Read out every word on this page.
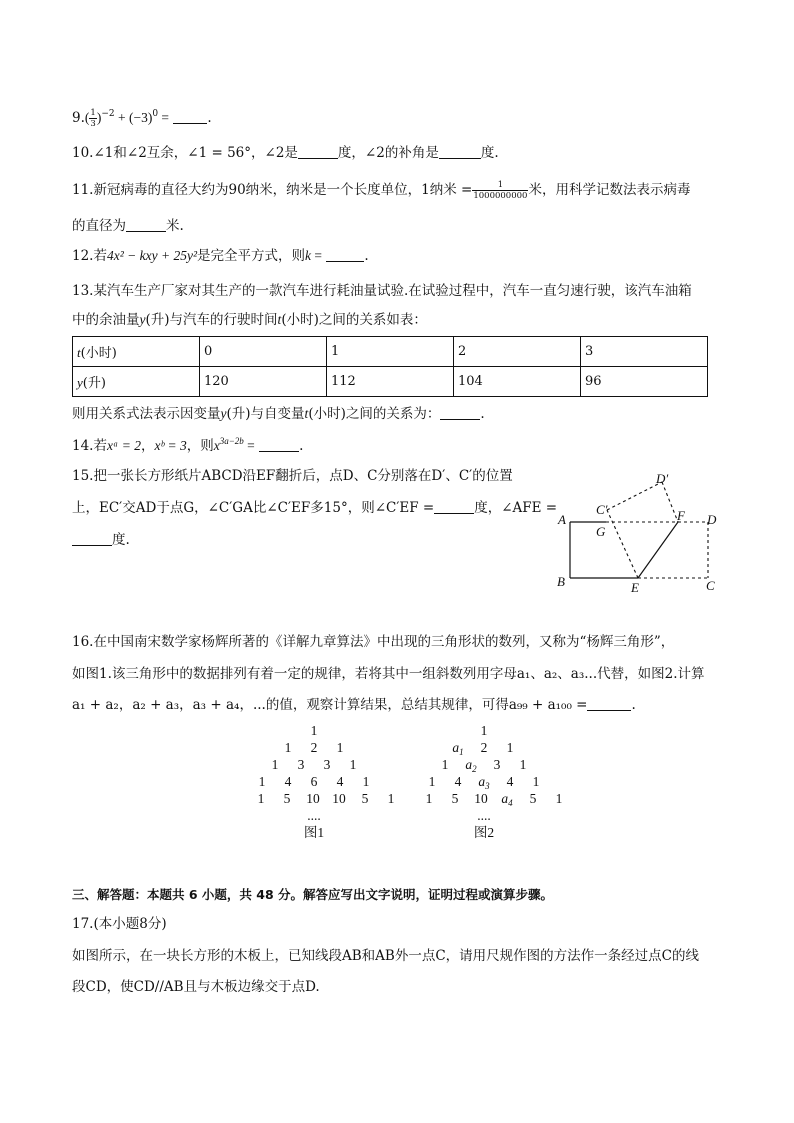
$9.( \frac{1}{3} )^{-2} + (-3)^0$ =	.
10.∠1和∠2互余，∠1 = 56°，∠2是	度，∠2的补角是	度.
11.新冠病毒的直径大约为90纳米，纳米是一个长度单位，1纳米 = $\frac{1}{1000000000}$ 米，用科学记数法表示病毒
的直径为	米.
12.若4x² − kxy + 25y²是完全平方式，则k =	.
13.某汽车生产厂家对其生产的一款汽车进行耗油量试验.在试验过程中，汽车一直匀速行驶，该汽车油箱
中的余油量y(升)与汽车的行驶时间t(小时)之间的关系如表：
t(小时)	0	1	2	3
y(升)	120	112	104	96
则用关系式法表示因变量y(升)与自变量t(小时)之间的关系为：	.
14.若xᵃ = 2，xᵇ = 3，则$x^{3a-2b}$ =	.
15.把一张长方形纸片ABCD沿EF翻折后，点D、C分别落在D′、C′的位置
上，EC′交AD于点G，∠C′GA比∠C′EF多15°，则∠C′EF =	度，∠AFE =
度.
A
B	C
D
E
F
G
C′
D′
16.在中国南宋数学家杨辉所著的《详解九章算法》中出现的三角形状的数列，又称为“杨辉三角形”，
如图1.该三角形中的数据排列有着一定的规律，若将其中一组斜数列用字母a₁、a₂、a₃...代替，如图2.计算
a₁ + a₂，a₂ + a₃，a₃ + a₄，...的值，观察计算结果，总结其规律，可得a₉₉ + a₁₀₀ =	.
1
1 2 1
1 3 3 1
1 4 6 4 1
1 5 10 10 5 1
....
图1
1
$a_1$ 2 1
1 $a_2$ 3 1
1 4 $a_3$ 4 1
1 5 10 $a_4$ 5 1
....
图2
三、解答题：本题共 6 小题，共 48 分。解答应写出文字说明，证明过程或演算步骤。
17.(本小题8分)
如图所示，在一块长方形的木板上，已知线段AB和AB外一点C，请用尺规作图的方法作一条经过点C的线
段CD，使CD//AB且与木板边缘交于点D.
